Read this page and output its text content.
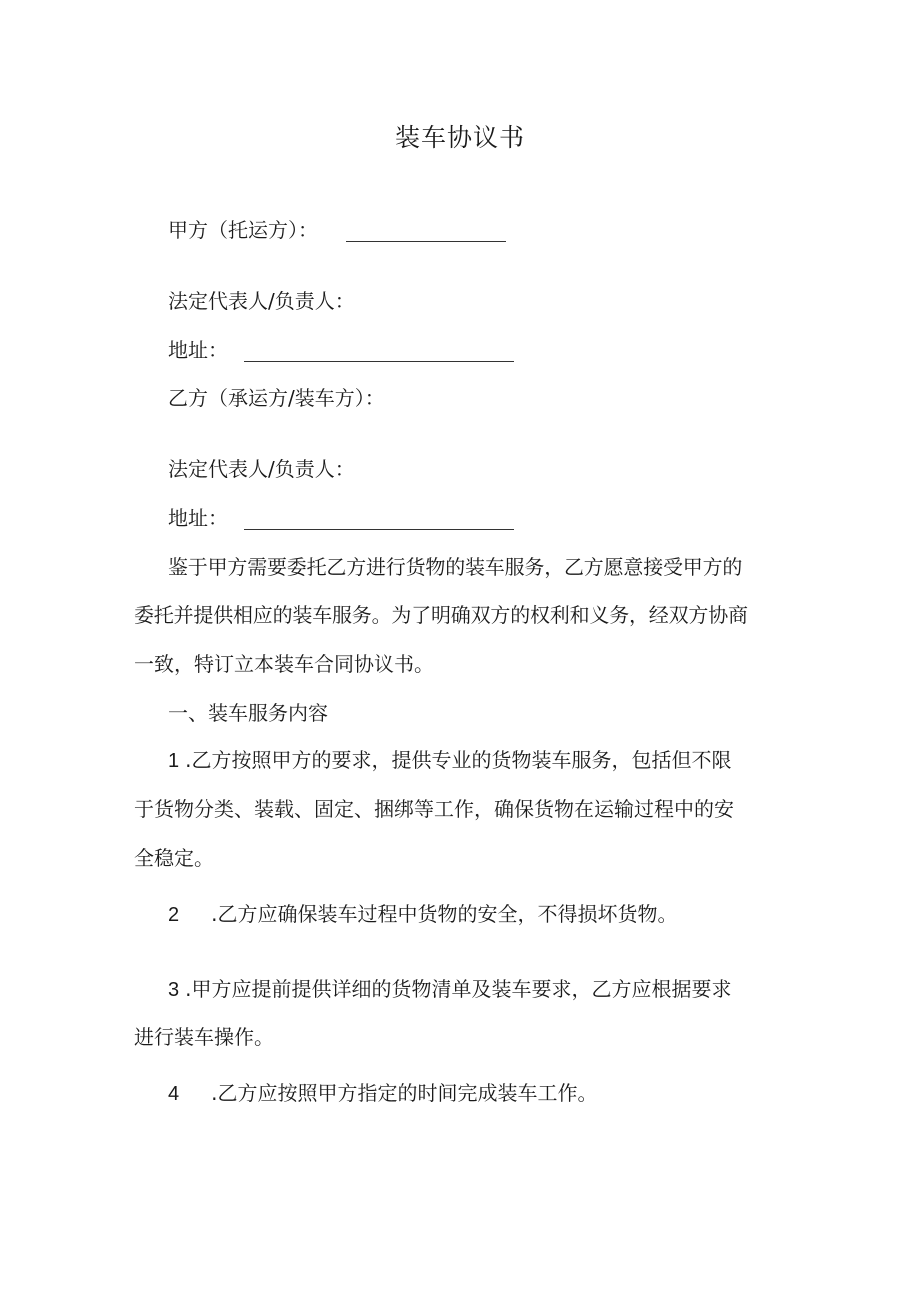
装车协议书
甲方（托运方）：
法定代表人/负责人：
地址：
乙方（承运方/装车方）：
法定代表人/负责人：
地址：
鉴于甲方需要委托乙方进行货物的装车服务，乙方愿意接受甲方的
委托并提供相应的装车服务。为了明确双方的权利和义务，经双方协商
一致，特订立本装车合同协议书。
一、装车服务内容
1 .乙方按照甲方的要求，提供专业的货物装车服务，包括但不限
于货物分类、装载、固定、捆绑等工作，确保货物在运输过程中的安
全稳定。
2 .乙方应确保装车过程中货物的安全，不得损坏货物。
3 .甲方应提前提供详细的货物清单及装车要求，乙方应根据要求
进行装车操作。
4 .乙方应按照甲方指定的时间完成装车工作。
